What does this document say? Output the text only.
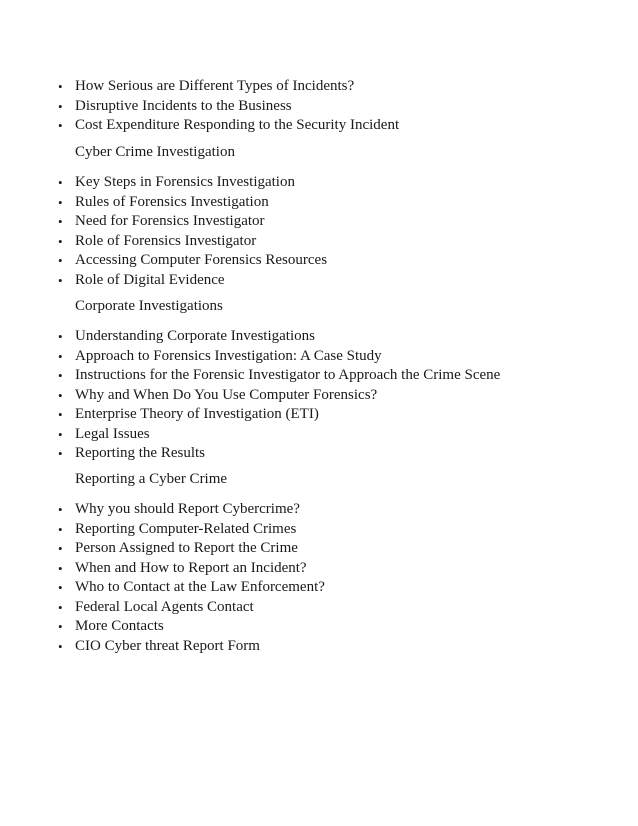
• How Serious are Different Types of Incidents?
• Disruptive Incidents to the Business
• Cost Expenditure Responding to the Security Incident
Cyber Crime Investigation
• Key Steps in Forensics Investigation
• Rules of Forensics Investigation
• Need for Forensics Investigator
• Role of Forensics Investigator
• Accessing Computer Forensics Resources
• Role of Digital Evidence
Corporate Investigations
• Understanding Corporate Investigations
• Approach to Forensics Investigation: A Case Study
• Instructions for the Forensic Investigator to Approach the Crime Scene
• Why and When Do You Use Computer Forensics?
• Enterprise Theory of Investigation (ETI)
• Legal Issues
• Reporting the Results
Reporting a Cyber Crime
• Why you should Report Cybercrime?
• Reporting Computer-Related Crimes
• Person Assigned to Report the Crime
• When and How to Report an Incident?
• Who to Contact at the Law Enforcement?
• Federal Local Agents Contact
• More Contacts
• CIO Cyber threat Report Form
